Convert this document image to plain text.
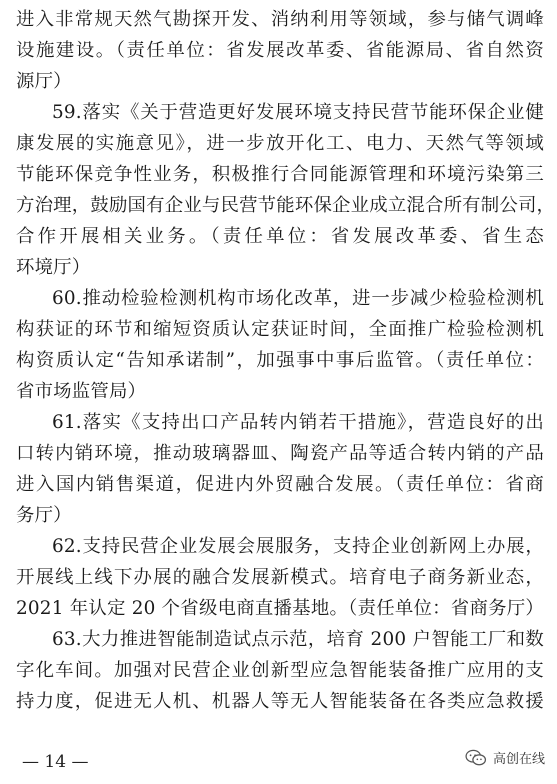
进入非常规天然气勘探开发、消纳利用等领域，参与储气调峰
设施建设。（责任单位：省发展改革委、省能源局、省自然资
源厅）
59.落实《关于营造更好发展环境支持民营节能环保企业健
康发展的实施意见》，进一步放开化工、电力、天然气等领域
节能环保竞争性业务，积极推行合同能源管理和环境污染第三
方治理，鼓励国有企业与民营节能环保企业成立混合所有制公司，
合作开展相关业务。（责任单位：省发展改革委、省生态
环境厅）
60.推动检验检测机构市场化改革，进一步减少检验检测机
构获证的环节和缩短资质认定获证时间，全面推广检验检测机
构资质认定“告知承诺制”，加强事中事后监管。（责任单位：
省市场监管局）
61.落实《支持出口产品转内销若干措施》，营造良好的出
口转内销环境，推动玻璃器皿、陶瓷产品等适合转内销的产品
进入国内销售渠道，促进内外贸融合发展。（责任单位：省商
务厅）
62.支持民营企业发展会展服务，支持企业创新网上办展，
开展线上线下办展的融合发展新模式。培育电子商务新业态，
2021 年认定 20 个省级电商直播基地。（责任单位：省商务厅）
63.大力推进智能制造试点示范，培育 200 户智能工厂和数
字化车间。加强对民营企业创新型应急智能装备推广应用的支
持力度，促进无人机、机器人等无人智能装备在各类应急救援
— 14 —	高创在线
